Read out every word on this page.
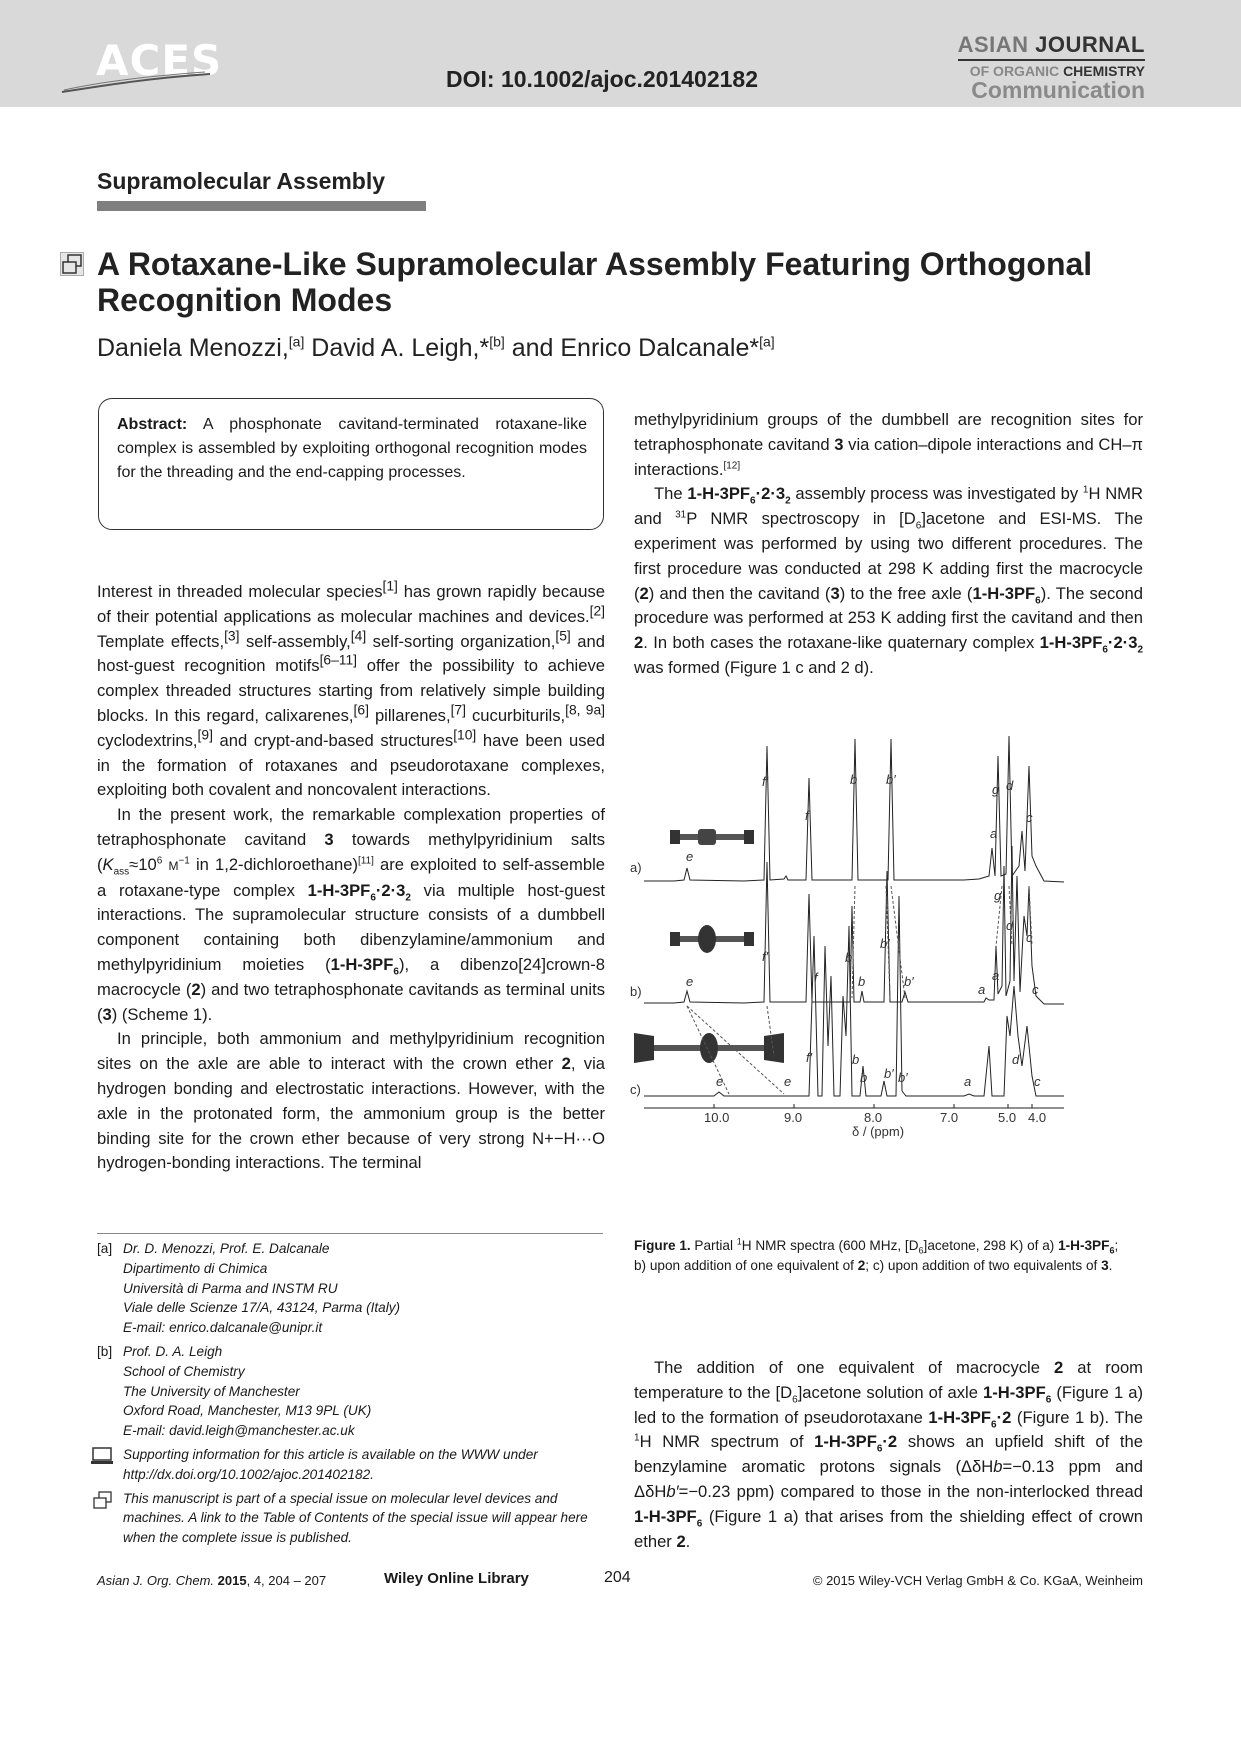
ACES	DOI: 10.1002/ajoc.201402182
ASIAN JOURNAL
OF ORGANIC CHEMISTRY
Communication
Supramolecular Assembly
A Rotaxane-Like Supramolecular Assembly Featuring Orthogonal Recognition Modes
Daniela Menozzi,[a] David A. Leigh,*[b] and Enrico Dalcanale*[a]
Abstract: A phosphonate cavitand-terminated rotaxane-like complex is assembled by exploiting orthogonal recognition modes for the threading and the end-capping processes.

Interest in threaded molecular species[1] has grown rapidly because of their potential applications as molecular machines and devices.[2] Template effects,[3] self-assembly,[4] self-sorting organization,[5] and host-guest recognition motifs[6–11] offer the possibility to achieve complex threaded structures starting from relatively simple building blocks. In this regard, calixarenes,[6] pillarenes,[7] cucurbiturils,[8, 9a] cyclodextrins,[9] and crypt-and-based structures[10] have been used in the formation of rotaxanes and pseudorotaxane complexes, exploiting both covalent and noncovalent interactions.

In the present work, the remarkable complexation properties of tetraphosphonate cavitand 3 towards methylpyridinium salts ($K_{ass}\approx 10^6$ $M^{-1}$ in 1,2-dichloroethane)[11] are exploited to self-assemble a rotaxane-type complex $1-H-3PF_6\cdot 2\cdot 3_2$ via multiple host-guest interactions. The supramolecular structure consists of a dumbbell component containing both dibenzylamine/ammonium and methylpyridinium moieties $(1-H-3PF_6)$, a dibenzo[24]crown-8 macrocycle (2) and two tetraphosphonate cavitands as terminal units (3) (Scheme 1).

In principle, both ammonium and methylpyridinium recognition sites on the axle are able to interact with the crown ether 2, via hydrogen bonding and electrostatic interactions. However, with the axle in the protonated form, the ammonium group is the better binding site for the crown ether because of very strong N+−H···O hydrogen-bonding interactions. The terminal

[a] Dr. D. Menozzi, Prof. E. Dalcanale
Dipartimento di Chimica
Università di Parma and INSTM RU
Viale delle Scienze 17/A, 43124, Parma (Italy)
E-mail: enrico.dalcanale@unipr.it
[b] Prof. D. A. Leigh
School of Chemistry
The University of Manchester
Oxford Road, Manchester, M13 9PL (UK)
E-mail: david.leigh@manchester.ac.uk
Supporting information for this article is available on the WWW under http://dx.doi.org/10.1002/ajoc.201402182.
This manuscript is part of a special issue on molecular level devices and machines. A link to the Table of Contents of the special issue will appear here when the complete issue is published.

methylpyridinium groups of the dumbbell are recognition sites for tetraphosphonate cavitand 3 via cation–dipole interactions and CH–π interactions.[12]

The $1-H-3PF_6\cdot 2\cdot 3_2$ assembly process was investigated by $^1$H NMR and $^{31}$P NMR spectroscopy in $[D_6]acetone$ and ESI-MS. The experiment was performed by using two different procedures. The first procedure was conducted at 298 K adding first the macrocycle (2) and then the cavitand (3) to the free axle $(1-H-3PF_6)$. The second procedure was performed at 253 K adding first the cavitand and then 2. In both cases the rotaxane-like quaternary complex $1-H-3PF_6\cdot 2\cdot 3_2$ was formed (Figure 1 c and 2 d).

a)
b)
c)
e
f′
f
b b′
g d
a
c
e
f′
f
b
b
b′
b′
g
d
a
a
c
c
e	e
f′	b
b b′ b′	a
d
c
10.0	9.0	8.0	7.0	5.0 4.0
δ / (ppm)
Figure 1. Partial $^1$H NMR spectra (600 MHz, $[D_6]acetone$, 298 K) of a) $1-H-3PF_6$; b) upon addition of one equivalent of 2; c) upon addition of two equivalents of 3.

The addition of one equivalent of macrocycle 2 at room temperature to the $[D_6]acetone$ solution of axle $1-H-3PF_6$ (Figure 1 a) led to the formation of pseudorotaxane $1-H-3PF_6\cdot 2$ (Figure 1 b). The $^1$H NMR spectrum of $1-H-3PF_6\cdot 2$ shows an upfield shift of the benzylamine aromatic protons signals (ΔδHb=−0.13 ppm and ΔδHb′=−0.23 ppm) compared to those in the non-interlocked thread $1-H-3PF_6$ (Figure 1 a) that arises from the shielding effect of crown ether 2.

Asian J. Org. Chem. 2015, 4, 204 – 207	Wiley Online Library	204	© 2015 Wiley-VCH Verlag GmbH & Co. KGaA, Weinheim
